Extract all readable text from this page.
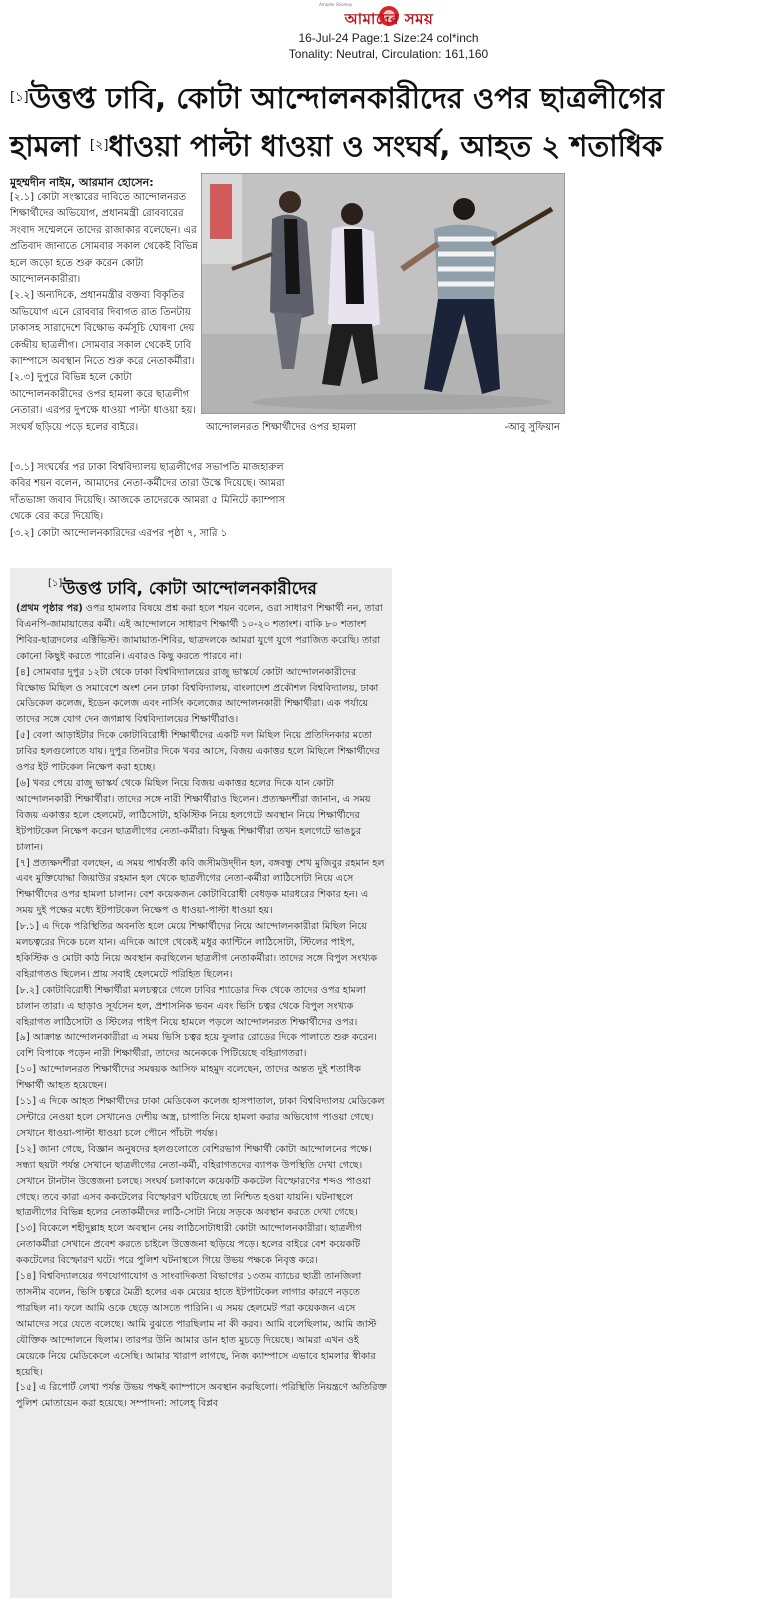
আমাদের সময়
Amader Shomoy
16-Jul-24 Page:1 Size:24 col*inch
Tonality: Neutral, Circulation: 161,160
[১]উত্তপ্ত ঢাবি, কোটা আন্দোলনকারীদের ওপর ছাত্রলীগের
হামলা [২]ধাওয়া পাল্টা ধাওয়া ও সংঘর্ষ, আহত ২ শতাধিক
মুহম্মদীন নাইম, আরমান হোসেন:

[২.১] কোটা সংস্কারের দাবিতে আন্দোলনরত শিক্ষার্থীদের অভিযোগ, প্রধানমন্ত্রী রোববারের সংবাদ সম্মেলনে তাদের রাজাকার বলেছেন। এর প্রতিবাদ জানাতে সোমবার সকাল থেকেই বিভিন্ন হলে জড়ো হতে শুরু করেন কোটা আন্দোলনকারীরা।

[২.২] অন্যদিকে, প্রধানমন্ত্রীর বক্তব্য বিকৃতির অভিযোগ এনে রোববার দিবাগত রাত তিনটায় ঢাকাসহ সারাদেশে বিক্ষোভ কর্মসূচি ঘোষণা দেয় কেন্দ্রীয় ছাত্রলীগ। সোমবার সকাল থেকেই ঢাবি ক্যাম্পাসে অবস্থান নিতে শুরু করে নেতাকর্মীরা।

[২.৩] দুপুরে বিভিন্ন হলে কোটা আন্দোলনকারীদের ওপর হামলা করে ছাত্রলীগ নেতারা। এরপর দুপক্ষে ধাওয়া পাল্টা ধাওয়া হয়। সংঘর্ষ ছড়িয়ে পড়ে হলের বাইরে।

[৩.১] সংঘর্ষের পর ঢাকা বিশ্ববিদ্যালয় ছাত্রলীগের সভাপতি মাজহারুল কবির শয়ন বলেন, আমাদের নেতা-কর্মীদের তারা উস্কে দিয়েছে। আমরা দাঁতভাঙ্গা জবাব দিয়েছি। আজকে তাদেরকে আমরা ৫ মিনিটে ক্যাম্পাস থেকে বের করে দিয়েছি।

[৩.২] কোটা আন্দোলনকারিদের এরপর পৃষ্ঠা ৭, সারি ১

আন্দোলনরত শিক্ষার্থীদের ওপর হামলা	-আবু সুফিয়ান
[১]উত্তপ্ত ঢাবি, কোটা আন্দোলনকারীদের

(প্রথম পৃষ্ঠার পর) ওপর হামলার বিষয়ে প্রশ্ন করা হলে শয়ন বলেন, ওরা সাধারণ শিক্ষার্থী নন, তারা বিএনপি-জামায়াতের কর্মী। এই আন্দোলনে সাধারণ শিক্ষার্থী ১০-২০ শতাংশ। বাকি ৮০ শতাংশ শিবির-ছাত্রদলের এক্টিভিস্ট। জামায়াত-শিবির, ছাত্রদলকে আমরা যুগে যুগে পরাজিত করেছি। তারা কোনো কিছুই করতে পারেনি। এবারও কিছু করতে পারবে না।

[৪] সোমবার দুপুর ১২টা থেকে ঢাকা বিশ্ববিদ্যালয়ের রাজু ভাস্কর্যে কোটা আন্দোলনকারীদের বিক্ষোভ মিছিল ও সমাবেশে অংশ নেন ঢাকা বিশ্ববিদ্যালয়, বাংলাদেশ প্রকৌশল বিশ্ববিদ্যালয়, ঢাকা মেডিকেল কলেজ, ইডেন কলেজ এবং নার্সিং কলেজের আন্দোলনকারী শিক্ষার্থীরা। এক পর্যায়ে তাদের সঙ্গে যোগ দেন জগন্নাথ বিশ্ববিদ্যালয়ের শিক্ষার্থীরাও।

[৫] বেলা আড়াইটার দিকে কোটাবিরোধী শিক্ষার্থীদের একটি দল মিছিল নিয়ে প্রতিদিনকার মতো ঢাবির হলগুলোতে যায়। দুপুর তিনটার দিকে খবর আসে, বিজয় একাত্তর হলে মিছিলে শিক্ষার্থীদের ওপর ইট পাটকেল নিক্ষেপ করা হচ্ছে।

[৬] খবর পেয়ে রাজু ভাস্কর্য থেকে মিছিল নিয়ে বিজয় একাত্তর হলের দিকে যান কোটা আন্দোলনকারী শিক্ষার্থীরা। তাদের সঙ্গে নারী শিক্ষার্থীরাও ছিলেন। প্রত্যক্ষদর্শীরা জানান, এ সময় বিজয় একাত্তর হলে হেলমেট, লাঠিসোটা, হকিস্টিক নিয়ে হলগেটে অবস্থান নিয়ে শিক্ষার্থীদের ইটপাটকেল নিক্ষেপ করেন ছাত্রলীগের নেতা-কর্মীরা। বিক্ষুব্ধ শিক্ষার্থীরা তখন হলগেটে ভাঙচুর চালান।

[৭] প্রত্যক্ষদর্শীরা বলছেন, এ সময় পার্শ্ববর্তী কবি জসীমউদ্‌দীন হল, বঙ্গবন্ধু শেখ মুজিবুর রহমান হল এবং মুক্তিযোদ্ধা জিয়াউর রহমান হল থেকে ছাত্রলীগের নেতা-কর্মীরা লাঠিসোটা নিয়ে এসে শিক্ষার্থীদের ওপর হামলা চালান। বেশ কয়েকজন কোটাবিরোধী বেধড়ক মারধরের শিকার হন। এ সময় দুই পক্ষের মধ্যে ইটপাটকেল নিক্ষেপ ও ধাওয়া-পাল্টা ধাওয়া হয়।

[৮.১] এ দিকে পরিস্থিতির অবনতি হলে মেয়ে শিক্ষার্থীদের নিয়ে আন্দোলনকারীরা মিছিল নিয়ে মলচত্বরের দিকে চলে যান। এদিকে আগে থেকেই মধুর ক্যান্টিনে লাঠিসোটা, স্টিলের পাইপ, হকিস্টিক ও মোটা কাঠ নিয়ে অবস্থান করছিলেন ছাত্রলীগ নেতাকর্মীরা। তাদের সঙ্গে বিপুল সংখ্যক বহিরাগতও ছিলেন। প্রায় সবাই হেলমেটে পরিহিত ছিলেন।

[৮.২] কোটাবিরোধী শিক্ষার্থীরা মলচত্বরে গেলে ঢাবির শ্যাডোর দিক থেকে তাদের ওপর হামলা চালান তারা। এ ছাড়াও সূর্যসেন হল, প্রশাসনিক ভবন এবং ভিসি চত্বর থেকে বিপুল সংখ্যক বহিরাগত লাঠিসোটা ও স্টিলের পাইপ নিয়ে হামলে পড়লে আন্দোলনরত শিক্ষার্থীদের ওপর।

[৯] আক্রান্ত আন্দোলনকারীরা এ সময় ভিসি চত্বর হয়ে ফুলার রোডের দিকে পালাতে শুরু করেন। বেশি বিপাকে পড়েন নারী শিক্ষার্থীরা, তাদের অনেককে পিটিয়েছে বহিরাগতরা।

[১০] আন্দোলনরত শিক্ষার্থীদের সমন্বয়ক আসিফ মাহমুদ বলেছেন, তাদের অন্তত দুই শতাধিক শিক্ষার্থী আহত হয়েছেন।

[১১] এ দিকে আহত শিক্ষার্থীদের ঢাকা মেডিকেল কলেজ হাসপাতাল, ঢাকা বিশ্ববিদ্যালয় মেডিকেল সেন্টারে নেওয়া হলে সেখানেও দেশীয় অস্ত্র, চাপাতি নিয়ে হামলা করার অভিযোগ পাওয়া গেছে। সেখানে ধাওয়া-পাল্টা ধাওয়া চলে পৌনে পাঁচটা পর্যন্ত।

[১২] জানা গেছে, বিজ্ঞান অনুষদের হলগুলোতে বেশিরভাগ শিক্ষার্থী কোটা আন্দোলনের পক্ষে। সন্ধ্যা ছয়টা পর্যন্ত সেখানে ছাত্রলীগের নেতা-কর্মী, বহিরাগতদের ব্যাপক উপস্থিতি দেখা গেছে। সেখানে টানটান উত্তেজনা চলছে। সংঘর্ষ চলাকালে কয়েকটি ককটেল বিস্ফোরণের শব্দও পাওয়া গেছে। তবে কারা এসব ককটেলের বিস্ফোরণ ঘটিয়েছে তা নিশ্চিত হওয়া যায়নি। ঘটনাস্থলে ছাত্রলীগের বিভিন্ন হলের নেতাকর্মীদের লাঠি-সোটা নিয়ে সড়কে অবস্থান করতে দেখা গেছে।

[১৩] বিকেলে শহীদুল্লাহ হলে অবস্থান নেয় লাঠিসোটাধারী কোটা আন্দোলনকারীরা। ছাত্রলীগ নেতাকর্মীরা সেখানে প্রবেশ করতে চাইলে উত্তেজনা ছড়িয়ে পড়ে। হলের বাইরে বেশ কয়েকটি ককটেলের বিস্ফোরণ ঘটে। পরে পুলিশ ঘটনাস্থলে গিয়ে উভয় পক্ষকে নিবৃত্ত করে।

[১৪] বিশ্ববিদ্যালয়ের গণযোগাযোগ ও সাংবাদিকতা বিভাগের ১৩তম ব্যাচের ছাত্রী তানজিলা তাসনীম বলেন, ভিসি চত্বরে মৈত্রী হলের এক মেয়ের হাতে ইটপাটকেল লাগার কারণে নড়তে পারছিল না। ফলে আমি ওকে ছেড়ে আসতে পারিনি। এ সময় হেলমেট পরা কয়েকজন এসে আমাদের সরে যেতে বলেছে। আমি বুঝতে পারছিলাম না কী করব। আমি বলেছিলাম, আমি জাস্ট যৌক্তিক আন্দোলনে ছিলাম। তারপর উনি আমার ডান হাত মুচড়ে দিয়েছে। আমরা এখন ওই মেয়েকে নিয়ে মেডিকেলে এসেছি। আমার খারাপ লাগছে, নিজ ক্যাম্পাসে এভাবে হামলার স্বীকার হয়েছি।

[১৫] এ রিপোর্ট লেখা পর্যন্ত উভয় পক্ষই ক্যাম্পাসে অবস্থান করছিলো। পরিস্থিতি নিয়ন্ত্রণে অতিরিক্ত পুলিশ মোতায়েন করা হয়েছে। সম্পাদনা: সালেহ্ বিপ্লব
